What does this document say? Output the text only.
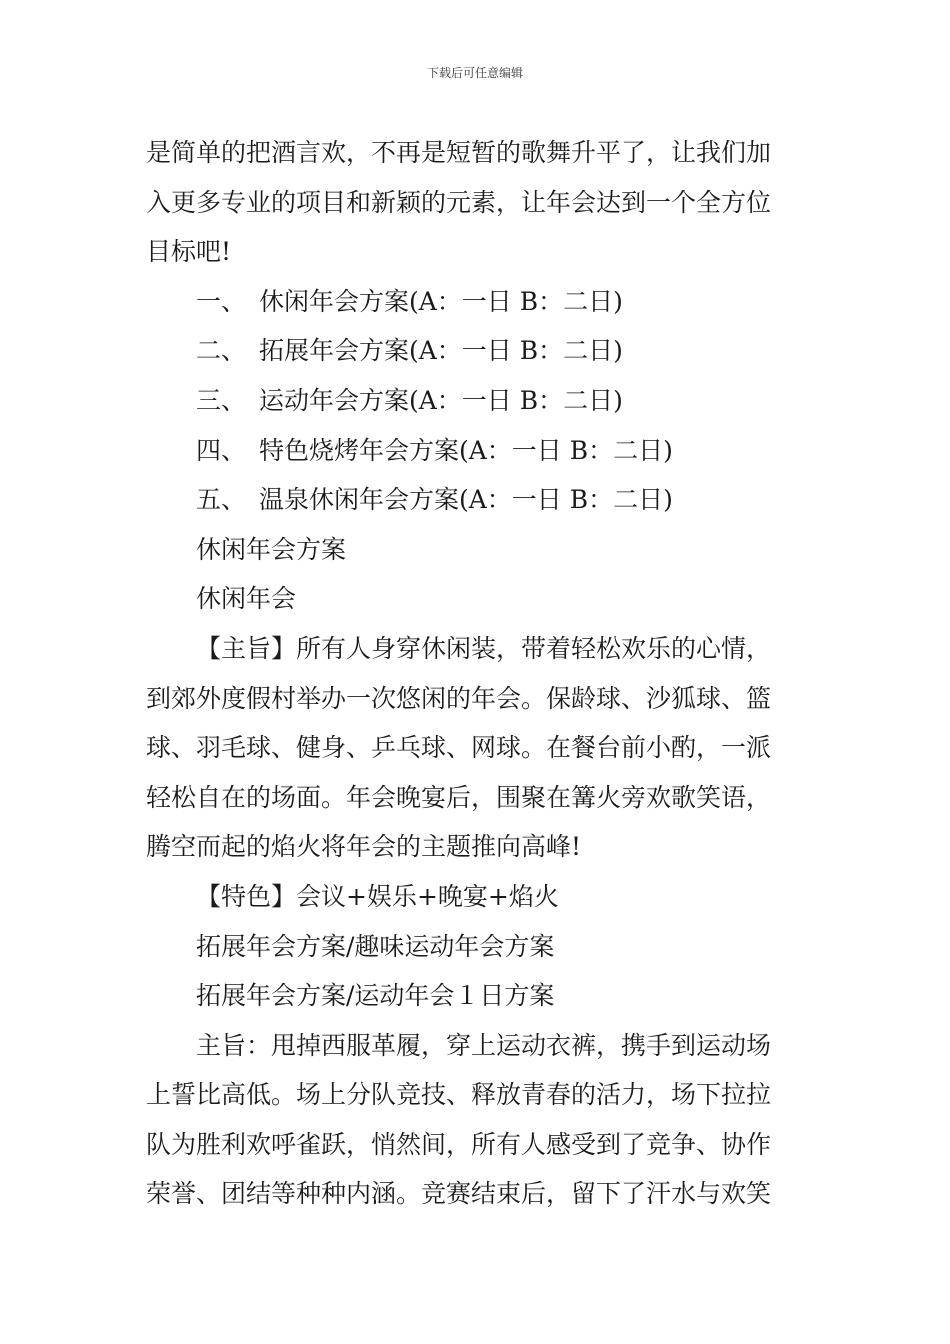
下载后可任意编辑
是简单的把酒言欢，不再是短暂的歌舞升平了，让我们加
入更多专业的项目和新颖的元素，让年会达到一个全方位
目标吧!
一、 休闲年会方案(A：一日 B：二日)
二、 拓展年会方案(A：一日 B：二日)
三、 运动年会方案(A：一日 B：二日)
四、 特色烧烤年会方案(A：一日 B：二日)
五、 温泉休闲年会方案(A：一日 B：二日)
休闲年会方案
休闲年会
【主旨】所有人身穿休闲装，带着轻松欢乐的心情，
到郊外度假村举办一次悠闲的年会。保龄球、沙狐球、篮
球、羽毛球、健身、乒乓球、网球。在餐台前小酌，一派
轻松自在的场面。年会晚宴后，围聚在篝火旁欢歌笑语，
腾空而起的焰火将年会的主题推向高峰!
【特色】会议+娱乐+晚宴+焰火
拓展年会方案/趣味运动年会方案
拓展年会方案/运动年会１日方案
主旨：甩掉西服革履，穿上运动衣裤，携手到运动场
上誓比高低。场上分队竞技、释放青春的活力，场下拉拉
队为胜利欢呼雀跃，悄然间，所有人感受到了竞争、协作
荣誉、团结等种种内涵。竞赛结束后，留下了汗水与欢笑
